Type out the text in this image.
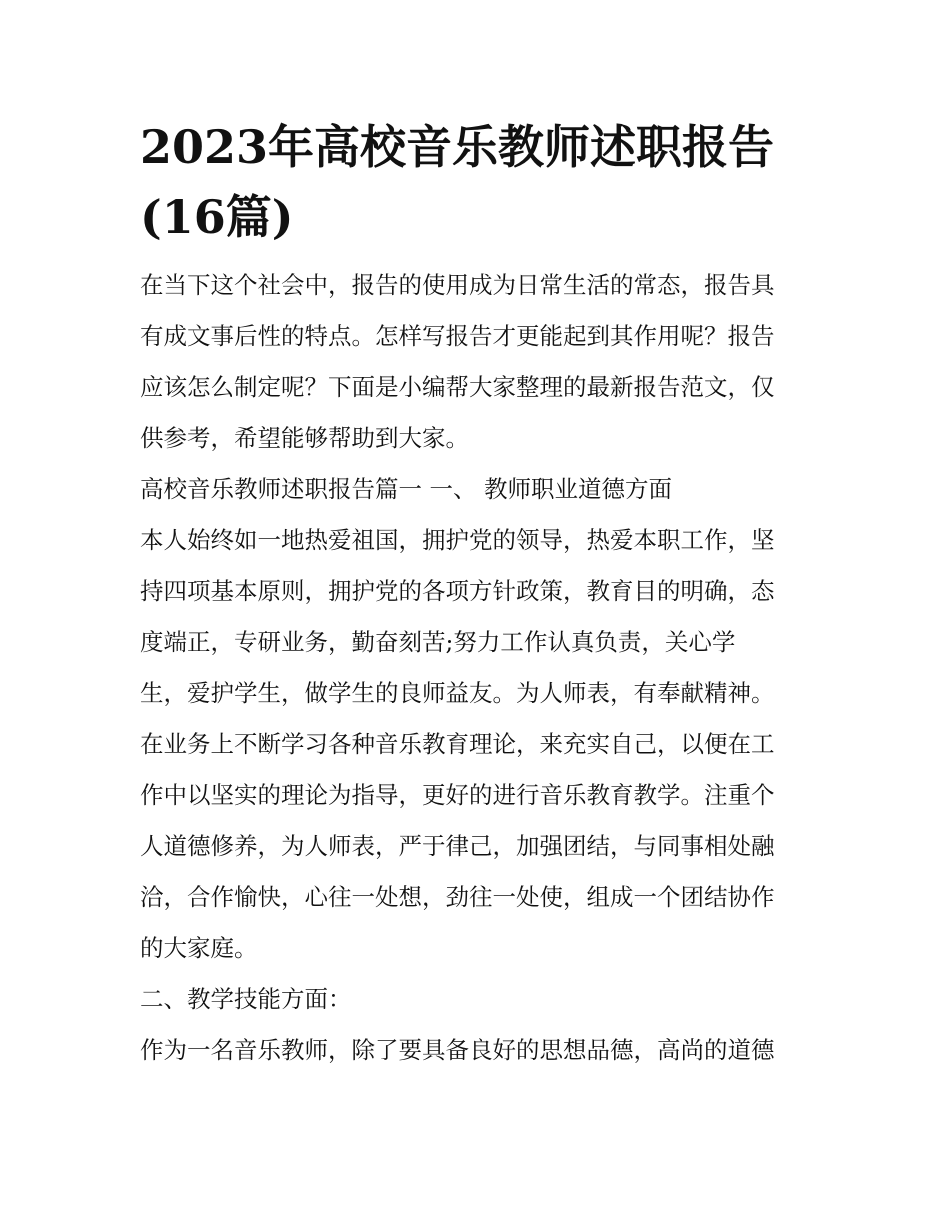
2023年高校音乐教师述职报告
(16篇)
在当下这个社会中，报告的使用成为日常生活的常态，报告具
有成文事后性的特点。怎样写报告才更能起到其作用呢？报告
应该怎么制定呢？下面是小编帮大家整理的最新报告范文，仅
供参考，希望能够帮助到大家。
高校音乐教师述职报告篇一 一、 教师职业道德方面
本人始终如一地热爱祖国，拥护党的领导，热爱本职工作，坚
持四项基本原则，拥护党的各项方针政策，教育目的明确，态
度端正，专研业务，勤奋刻苦;努力工作认真负责，关心学
生，爱护学生，做学生的良师益友。为人师表，有奉献精神。
在业务上不断学习各种音乐教育理论，来充实自己，以便在工
作中以坚实的理论为指导，更好的进行音乐教育教学。注重个
人道德修养，为人师表，严于律己，加强团结，与同事相处融
洽，合作愉快，心往一处想，劲往一处使，组成一个团结协作
的大家庭。
二、教学技能方面：
作为一名音乐教师，除了要具备良好的思想品德，高尚的道德
